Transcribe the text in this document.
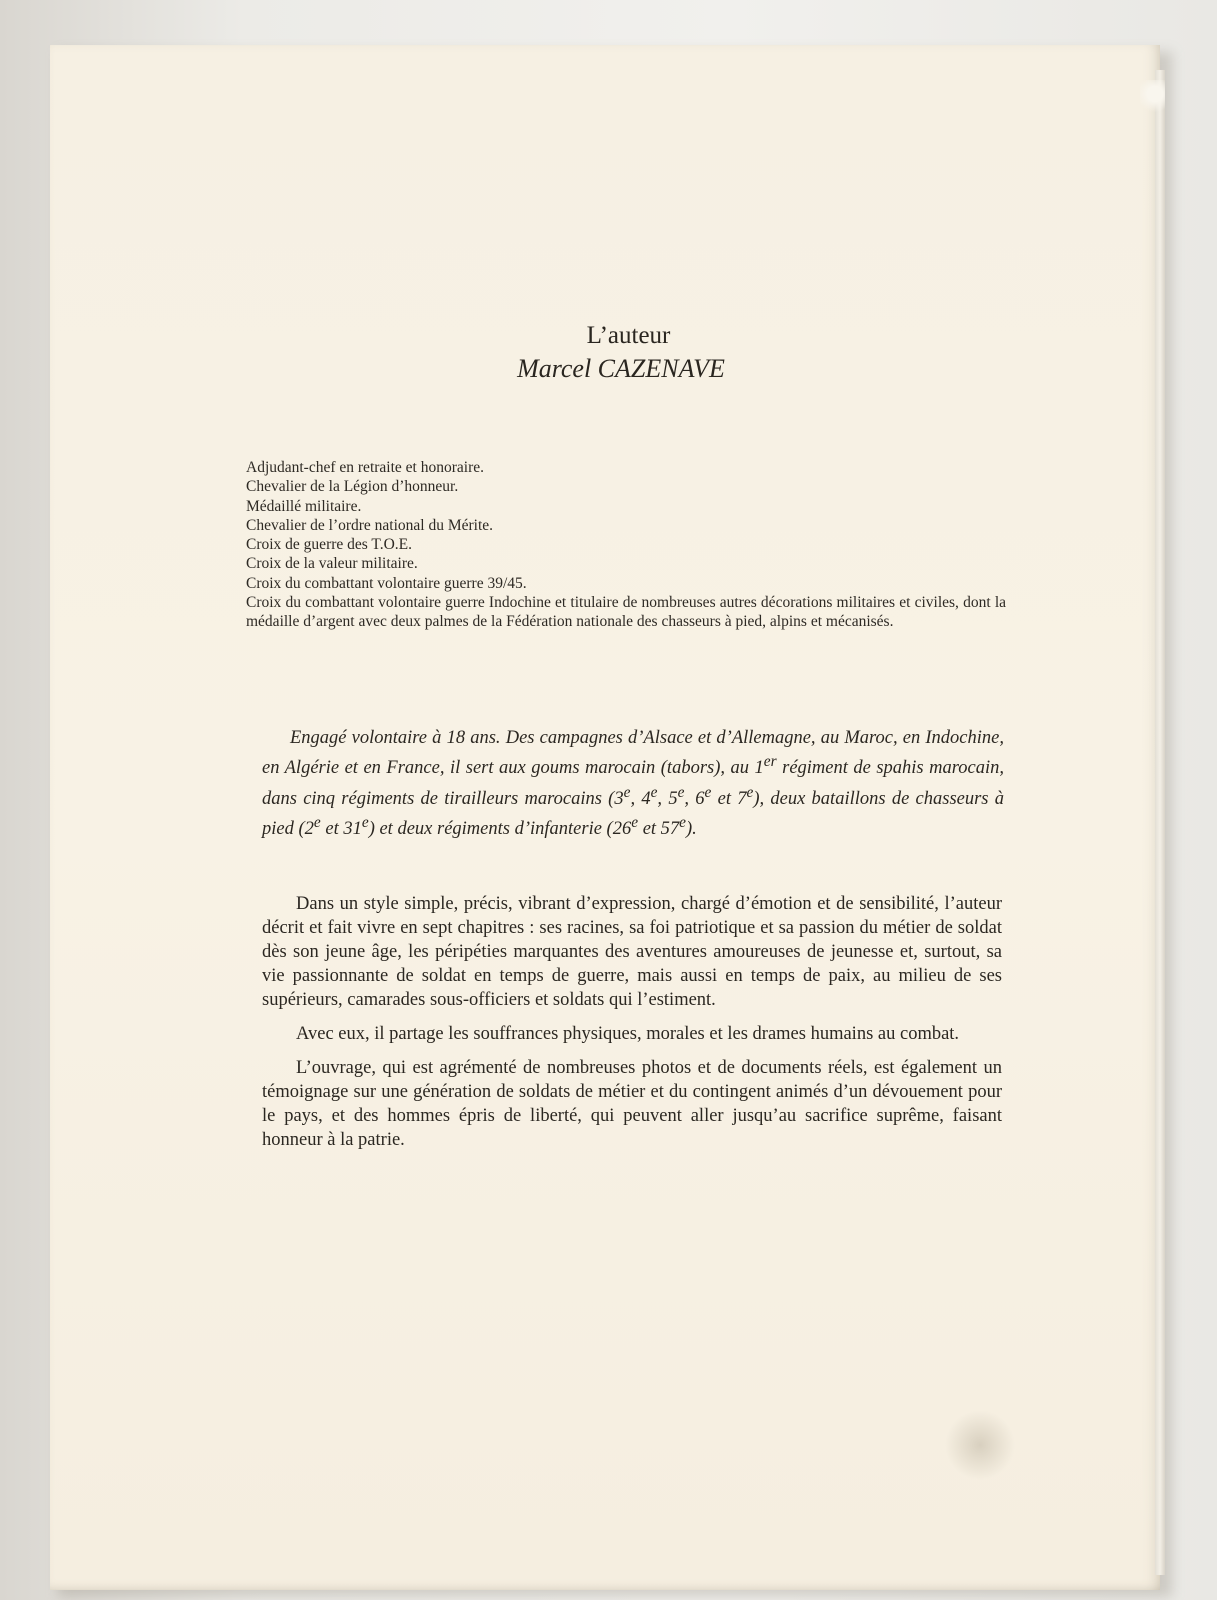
L’auteur
Marcel CAZENAVE
Adjudant-chef en retraite et honoraire.
Chevalier de la Légion d’honneur.
Médaillé militaire.
Chevalier de l’ordre national du Mérite.
Croix de guerre des T.O.E.
Croix de la valeur militaire.
Croix du combattant volontaire guerre 39/45.
Croix du combattant volontaire guerre Indochine et titulaire de nombreuses autres décorations militaires et civiles, dont la médaille d’argent avec deux palmes de la Fédération nationale des chasseurs à pied, alpins et mécanisés.
Engagé volontaire à 18 ans. Des campagnes d’Alsace et d’Allemagne, au Maroc, en Indochine, en Algérie et en France, il sert aux goums marocain (tabors), au 1er régiment de spahis marocain, dans cinq régiments de tirailleurs marocains (3e, 4e, 5e, 6e et 7e), deux bataillons de chasseurs à pied (2e et 31e) et deux régiments d’infanterie (26e et 57e).

Dans un style simple, précis, vibrant d’expression, chargé d’émotion et de sensibilité, l’auteur décrit et fait vivre en sept chapitres : ses racines, sa foi patriotique et sa passion du métier de soldat dès son jeune âge, les péripéties marquantes des aventures amoureuses de jeunesse et, surtout, sa vie passionnante de soldat en temps de guerre, mais aussi en temps de paix, au milieu de ses supérieurs, camarades sous-officiers et soldats qui l’estiment.

Avec eux, il partage les souffrances physiques, morales et les drames humains au combat.

L’ouvrage, qui est agrémenté de nombreuses photos et de documents réels, est également un témoignage sur une génération de soldats de métier et du contingent animés d’un dévouement pour le pays, et des hommes épris de liberté, qui peuvent aller jusqu’au sacrifice suprême, faisant honneur à la patrie.
